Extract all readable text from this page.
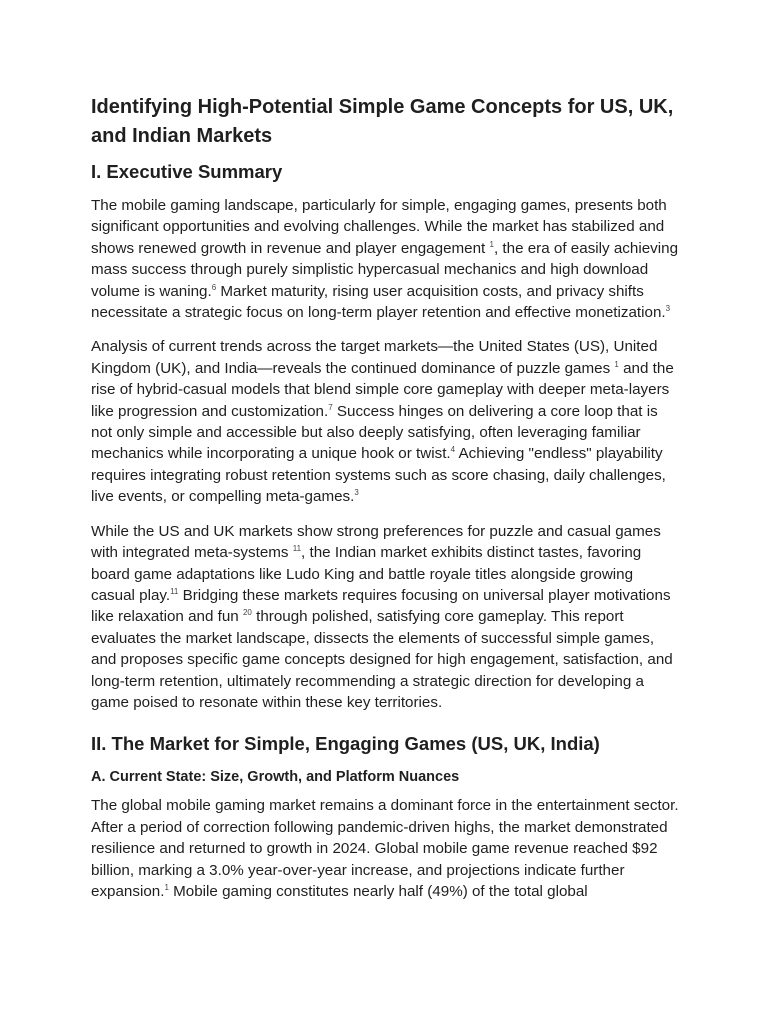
Identifying High-Potential Simple Game Concepts for US, UK, and Indian Markets
I. Executive Summary

The mobile gaming landscape, particularly for simple, engaging games, presents both significant opportunities and evolving challenges. While the market has stabilized and shows renewed growth in revenue and player engagement $^1$, the era of easily achieving mass success through purely simplistic hypercasual mechanics and high download volume is waning.$^6$ Market maturity, rising user acquisition costs, and privacy shifts necessitate a strategic focus on long-term player retention and effective monetization.$^3$

Analysis of current trends across the target markets—the United States (US), United Kingdom (UK), and India—reveals the continued dominance of puzzle games $^1$ and the rise of hybrid-casual models that blend simple core gameplay with deeper meta-layers like progression and customization.$^7$ Success hinges on delivering a core loop that is not only simple and accessible but also deeply satisfying, often leveraging familiar mechanics while incorporating a unique hook or twist.$^4$ Achieving "endless" playability requires integrating robust retention systems such as score chasing, daily challenges, live events, or compelling meta-games.$^3$

While the US and UK markets show strong preferences for puzzle and casual games with integrated meta-systems $^{11}$, the Indian market exhibits distinct tastes, favoring board game adaptations like Ludo King and battle royale titles alongside growing casual play.$^{11}$ Bridging these markets requires focusing on universal player motivations like relaxation and fun $^{20}$ through polished, satisfying core gameplay. This report evaluates the market landscape, dissects the elements of successful simple games, and proposes specific game concepts designed for high engagement, satisfaction, and long-term retention, ultimately recommending a strategic direction for developing a game poised to resonate within these key territories.

II. The Market for Simple, Engaging Games (US, UK, India)
A. Current State: Size, Growth, and Platform Nuances

The global mobile gaming market remains a dominant force in the entertainment sector. After a period of correction following pandemic-driven highs, the market demonstrated resilience and returned to growth in 2024. Global mobile game revenue reached $92 billion, marking a 3.0% year-over-year increase, and projections indicate further expansion.$^1$ Mobile gaming constitutes nearly half (49%) of the total global
